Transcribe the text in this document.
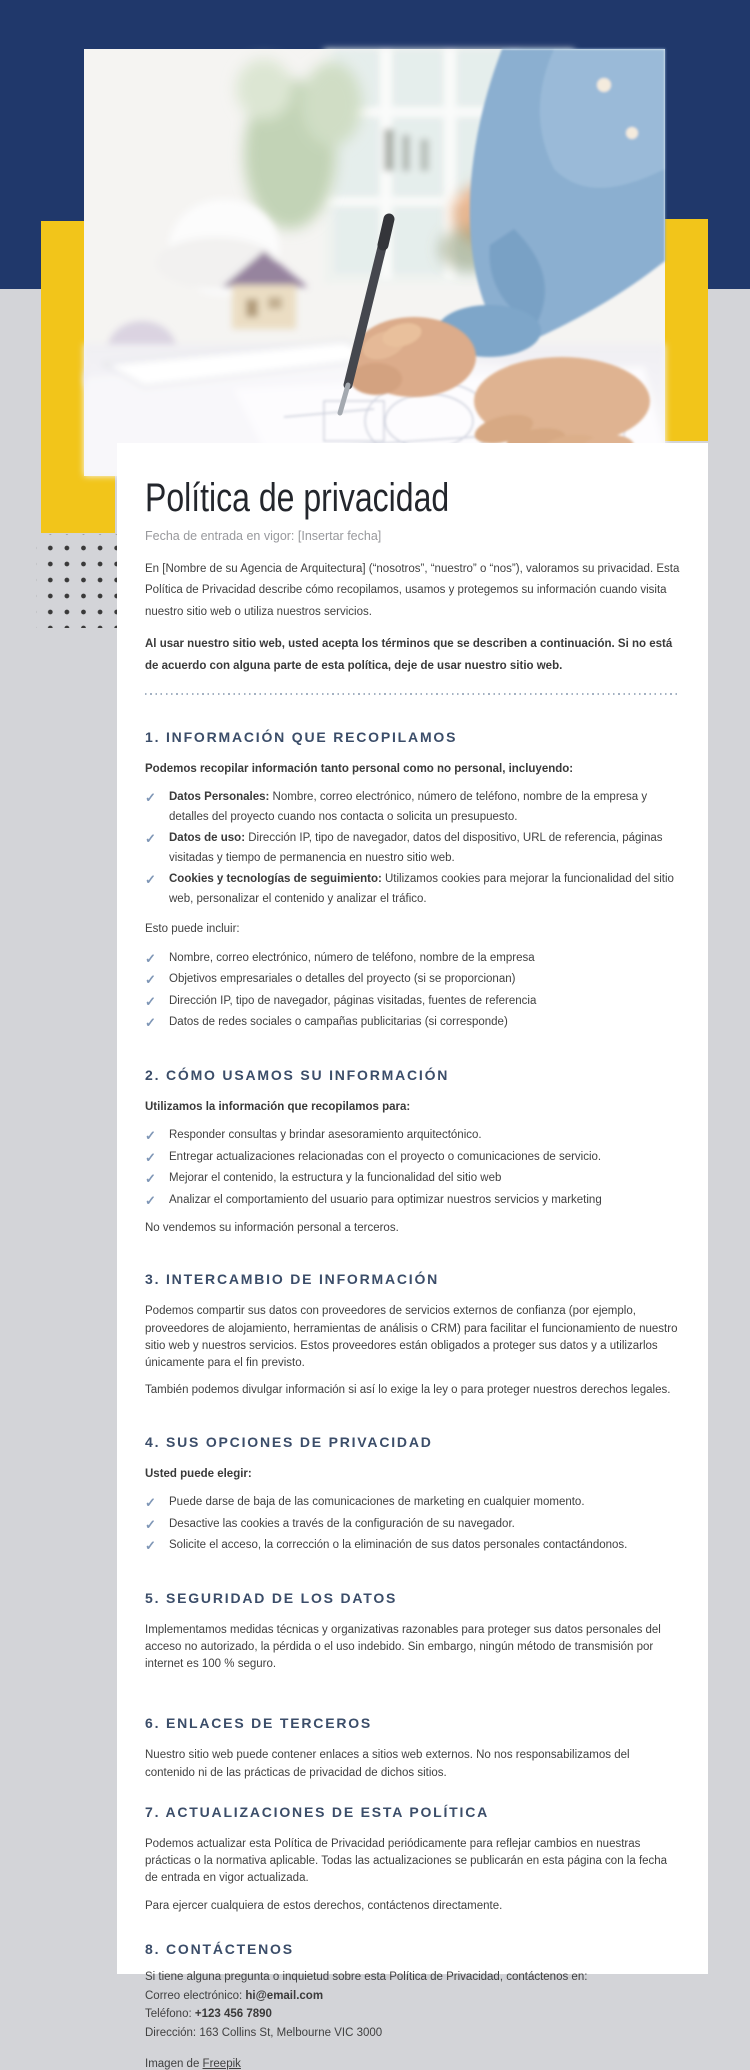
Política de privacidad
Fecha de entrada en vigor: [Insertar fecha]

En [Nombre de su Agencia de Arquitectura] (“nosotros”, “nuestro” o “nos”), valoramos su privacidad. Esta Política de Privacidad describe cómo recopilamos, usamos y protegemos su información cuando visita nuestro sitio web o utiliza nuestros servicios.

Al usar nuestro sitio web, usted acepta los términos que se describen a continuación. Si no está de acuerdo con alguna parte de esta política, deje de usar nuestro sitio web.

1. INFORMACIÓN QUE RECOPILAMOS

Podemos recopilar información tanto personal como no personal, incluyendo:

✓	Datos Personales: Nombre, correo electrónico, número de teléfono, nombre de la empresa y detalles del proyecto cuando nos contacta o solicita un presupuesto.
✓	Datos de uso: Dirección IP, tipo de navegador, datos del dispositivo, URL de referencia, páginas visitadas y tiempo de permanencia en nuestro sitio web.
✓	Cookies y tecnologías de seguimiento: Utilizamos cookies para mejorar la funcionalidad del sitio web, personalizar el contenido y analizar el tráfico.

Esto puede incluir:

✓	Nombre, correo electrónico, número de teléfono, nombre de la empresa
✓	Objetivos empresariales o detalles del proyecto (si se proporcionan)
✓	Dirección IP, tipo de navegador, páginas visitadas, fuentes de referencia
✓	Datos de redes sociales o campañas publicitarias (si corresponde)
2. CÓMO USAMOS SU INFORMACIÓN

Utilizamos la información que recopilamos para:

✓	Responder consultas y brindar asesoramiento arquitectónico.
✓	Entregar actualizaciones relacionadas con el proyecto o comunicaciones de servicio.
✓	Mejorar el contenido, la estructura y la funcionalidad del sitio web
✓	Analizar el comportamiento del usuario para optimizar nuestros servicios y marketing

No vendemos su información personal a terceros.

3. INTERCAMBIO DE INFORMACIÓN

Podemos compartir sus datos con proveedores de servicios externos de confianza (por ejemplo, proveedores de alojamiento, herramientas de análisis o CRM) para facilitar el funcionamiento de nuestro sitio web y nuestros servicios. Estos proveedores están obligados a proteger sus datos y a utilizarlos únicamente para el fin previsto.

También podemos divulgar información si así lo exige la ley o para proteger nuestros derechos legales.

4. SUS OPCIONES DE PRIVACIDAD

Usted puede elegir:

✓	Puede darse de baja de las comunicaciones de marketing en cualquier momento.
✓	Desactive las cookies a través de la configuración de su navegador.
✓	Solicite el acceso, la corrección o la eliminación de sus datos personales contactándonos.
5. SEGURIDAD DE LOS DATOS

Implementamos medidas técnicas y organizativas razonables para proteger sus datos personales del acceso no autorizado, la pérdida o el uso indebido. Sin embargo, ningún método de transmisión por internet es 100 % seguro.

6. ENLACES DE TERCEROS

Nuestro sitio web puede contener enlaces a sitios web externos. No nos responsabilizamos del contenido ni de las prácticas de privacidad de dichos sitios.

7. ACTUALIZACIONES DE ESTA POLÍTICA

Podemos actualizar esta Política de Privacidad periódicamente para reflejar cambios en nuestras prácticas o la normativa aplicable. Todas las actualizaciones se publicarán en esta página con la fecha de entrada en vigor actualizada.

Para ejercer cualquiera de estos derechos, contáctenos directamente.

8. CONTÁCTENOS
Si tiene alguna pregunta o inquietud sobre esta Política de Privacidad, contáctenos en:
Correo electrónico: hi@email.com
Teléfono: +123 456 7890
Dirección: 163 Collins St, Melbourne VIC 3000
Imagen de Freepik
